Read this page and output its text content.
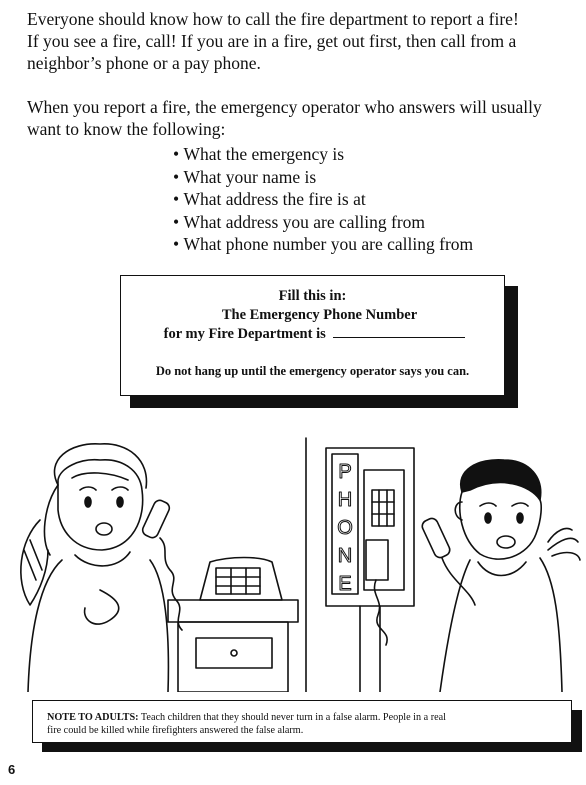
Everyone should know how to call the fire department to report a fire!
If you see a fire, call! If you are in a fire, get out first, then call from a
neighbor’s phone or a pay phone.
When you report a fire, the emergency operator who answers will usually
want to know the following:
• What the emergency is
• What your name is
• What address the fire is at
• What address you are calling from
• What phone number you are calling from
Fill this in:
The Emergency Phone Number
for my Fire Department is
Do not hang up until the emergency operator says you can.
P
H
O
N
E
NOTE TO ADULTS: Teach children that they should never turn in a false alarm. People in a real
fire could be killed while firefighters answered the false alarm.
6
